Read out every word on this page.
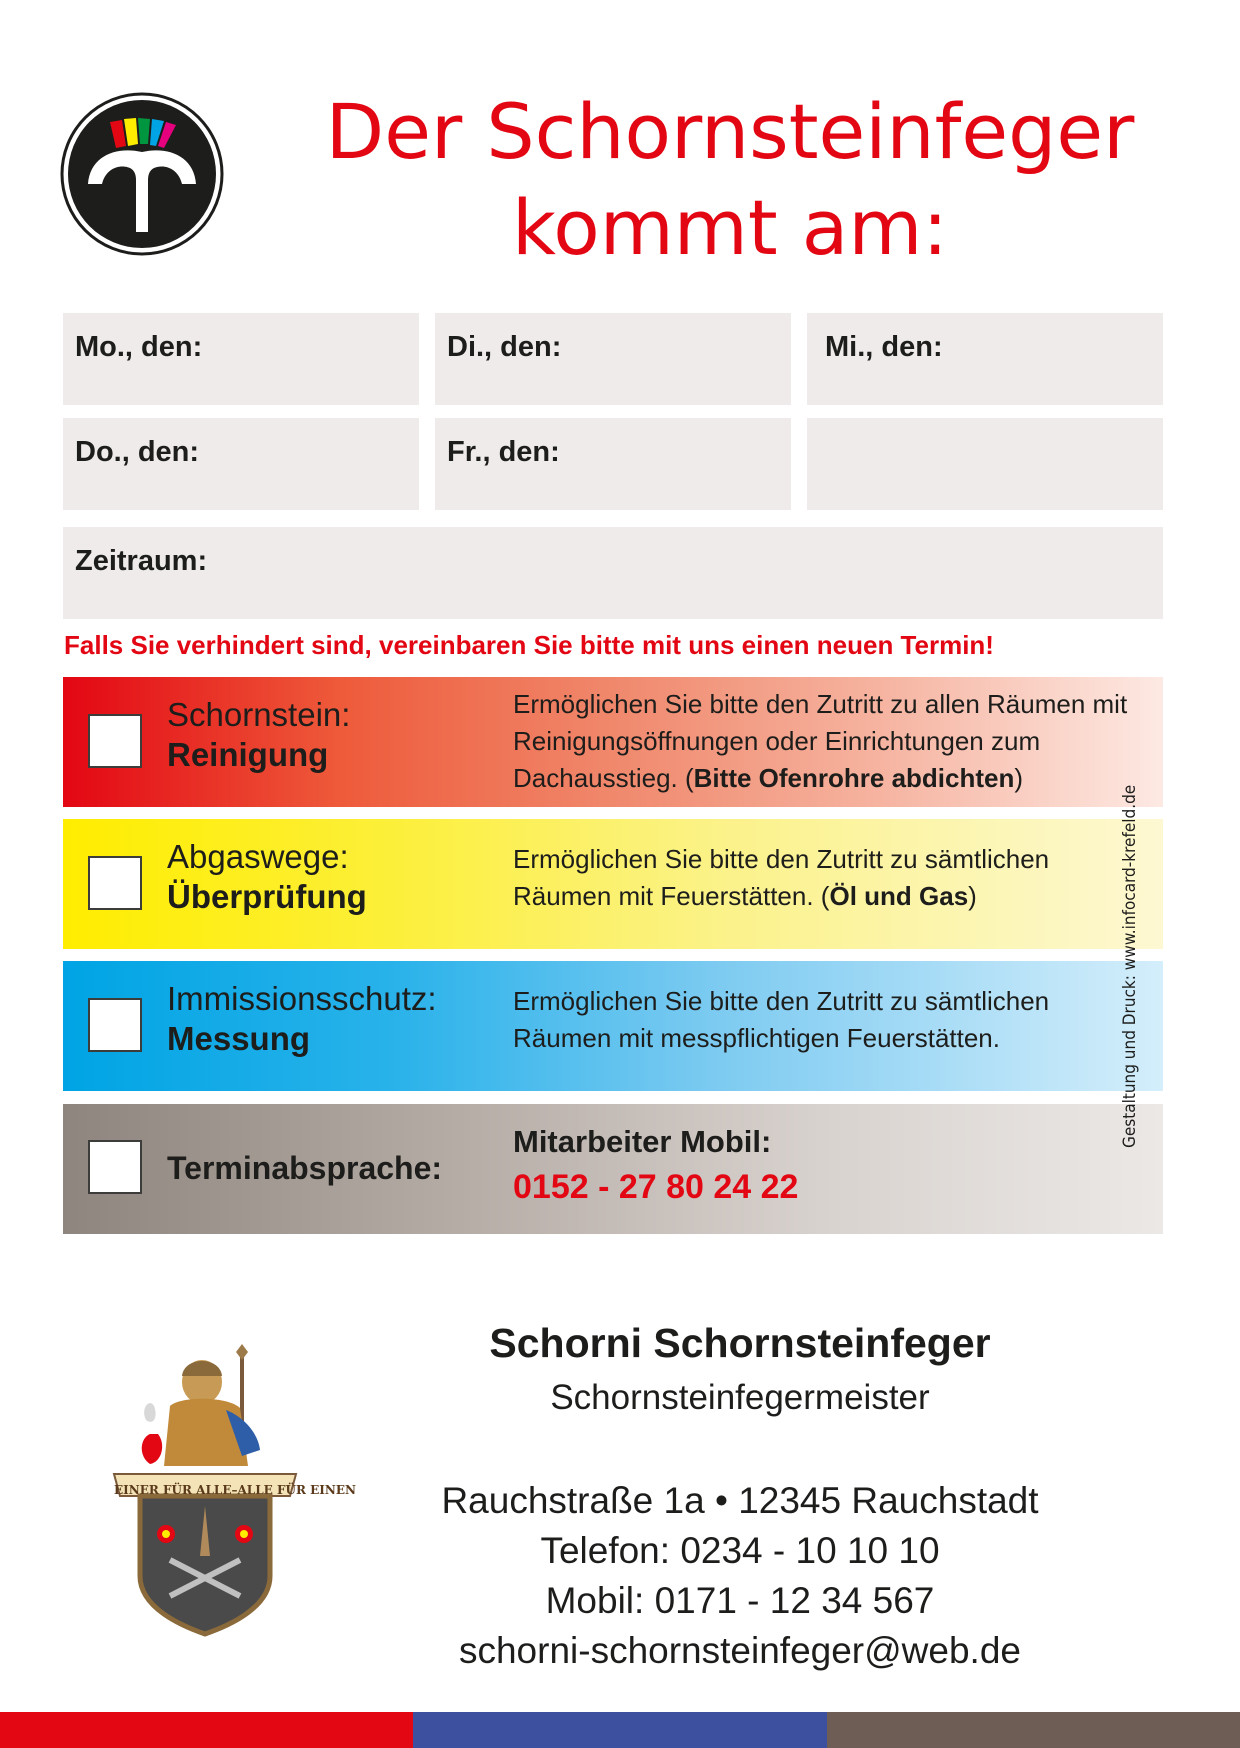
Der Schornsteinfeger
kommt am:
Mo., den:	Di., den:	Mi., den:
Do., den:	Fr., den:
Zeitraum:
Falls Sie verhindert sind, vereinbaren Sie bitte mit uns einen neuen Termin!
Schornstein:
Reinigung
Ermöglichen Sie bitte den Zutritt zu allen Räumen mit Reinigungsöffnungen oder Einrichtungen zum Dachausstieg. (Bitte Ofenrohre abdichten)
Abgaswege:
Überprüfung
Ermöglichen Sie bitte den Zutritt zu sämtlichen Räumen mit Feuerstätten. (Öl und Gas)
Immissionsschutz:
Messung
Ermöglichen Sie bitte den Zutritt zu sämtlichen Räumen mit messpflichtigen Feuerstätten.
Terminabsprache:
Mitarbeiter Mobil:
0152 - 27 80 24 22
Gestaltung und Druck: www.infocard-krefeld.de
EINER FÜR ALLE–ALLE FÜR EINEN
Schorni Schornsteinfeger
Schornsteinfegermeister
Rauchstraße 1a • 12345 Rauchstadt
Telefon: 0234 - 10 10 10
Mobil: 0171 - 12 34 567
schorni-schornsteinfeger@web.de
